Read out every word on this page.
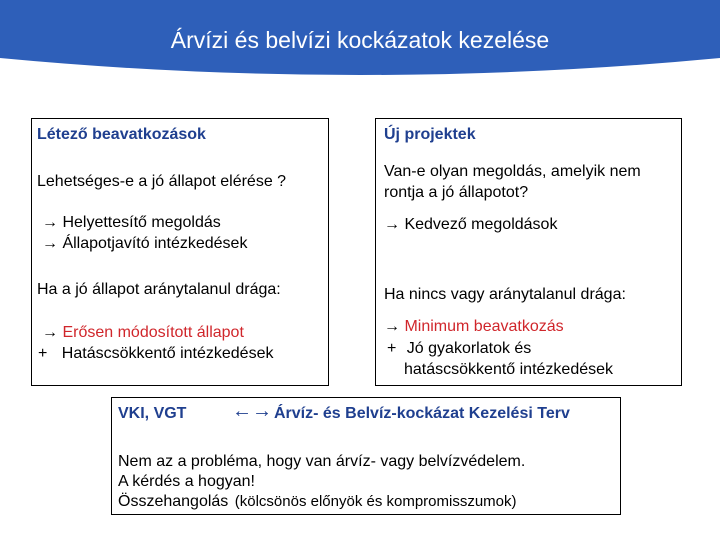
Árvízi és belvízi kockázatok kezelése
Létező beavatkozások
Lehetséges-e a jó állapot elérése ?
→ Helyettesítő megoldás
→ Állapotjavító intézkedések
Ha a jó állapot aránytalanul drága:
→ Erősen módosított állapot
+ Hatáscsökkentő intézkedések
Új projektek
Van-e olyan megoldás, amelyik nem
rontja a jó állapotot?
→ Kedvező megoldások
Ha nincs vagy aránytalanul drága:
→ Minimum beavatkozás
+ Jó gyakorlatok és
hatáscsökkentő intézkedések
VKI, VGT ←→ Árvíz- és Belvíz-kockázat Kezelési Terv
Nem az a probléma, hogy van árvíz- vagy belvízvédelem.
A kérdés a hogyan!
Összehangolás (kölcsönös előnyök és kompromisszumok)
